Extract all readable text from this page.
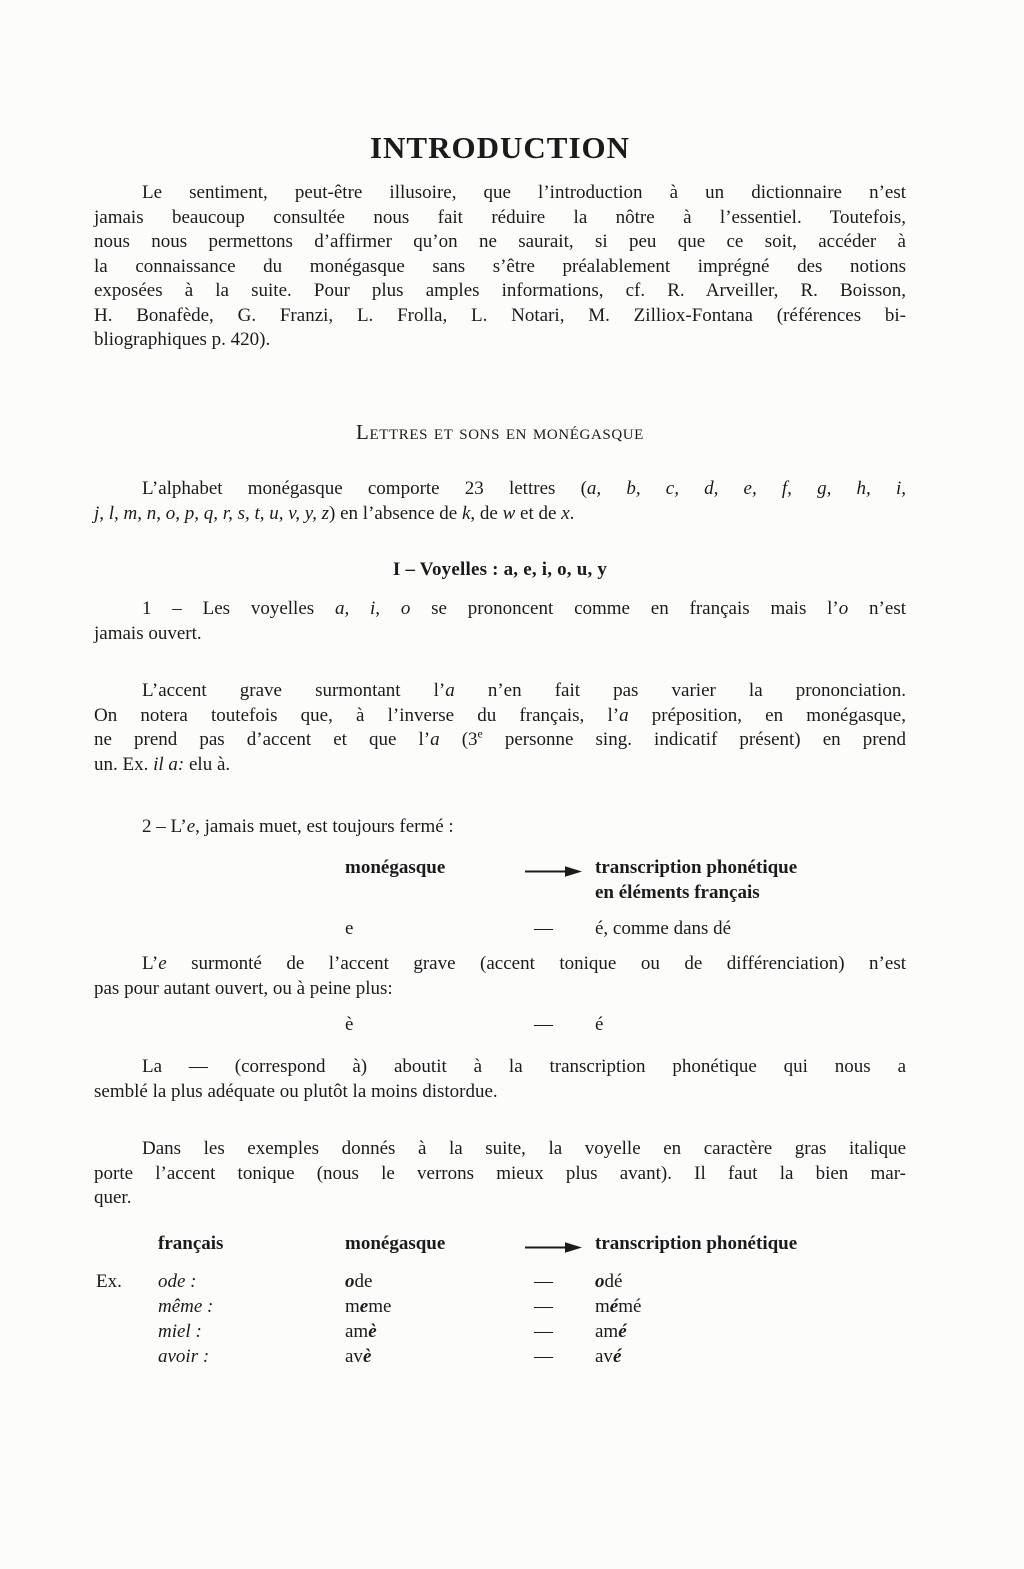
INTRODUCTION
Le sentiment, peut-être illusoire, que l’introduction à un dictionnaire n’est
jamais beaucoup consultée nous fait réduire la nôtre à l’essentiel. Toutefois,
nous nous permettons d’affirmer qu’on ne saurait, si peu que ce soit, accéder à
la connaissance du monégasque sans s’être préalablement imprégné des notions
exposées à la suite. Pour plus amples informations, cf. R. Arveiller, R. Boisson,
H. Bonafède, G. Franzi, L. Frolla, L. Notari, M. Zilliox-Fontana (références bi-
bliographiques p. 420).
Lettres et sons en monégasque
L’alphabet monégasque comporte 23 lettres (a, b, c, d, e, f, g, h, i,
j, l, m, n, o, p, q, r, s, t, u, v, y, z) en l’absence de k, de w et de x.
I – Voyelles : a, e, i, o, u, y
1 – Les voyelles a, i, o se prononcent comme en français mais l’o n’est
jamais ouvert.
L’accent grave surmontant l’a n’en fait pas varier la prononciation.
On notera toutefois que, à l’inverse du français, l’a préposition, en monégasque,
ne prend pas d’accent et que l’a (3e personne sing. indicatif présent) en prend
un. Ex. il a: elu à.
2 – L’e, jamais muet, est toujours fermé :
monégasque	transcription phonétique
en éléments français
e	— é, comme dans dé
L’e surmonté de l’accent grave (accent tonique ou de différenciation) n’est
pas pour autant ouvert, ou à peine plus:
è	— é
La — (correspond à) aboutit à la transcription phonétique qui nous a
semblé la plus adéquate ou plutôt la moins distordue.
Dans les exemples donnés à la suite, la voyelle en caractère gras italique
porte l’accent tonique (nous le verrons mieux plus avant). Il faut la bien mar-
quer.
français	monégasque	transcription phonétique
Ex. ode :	ode	— odé
même :	meme	— mémé
miel :	amè	— amé
avoir :	avè	— avé
